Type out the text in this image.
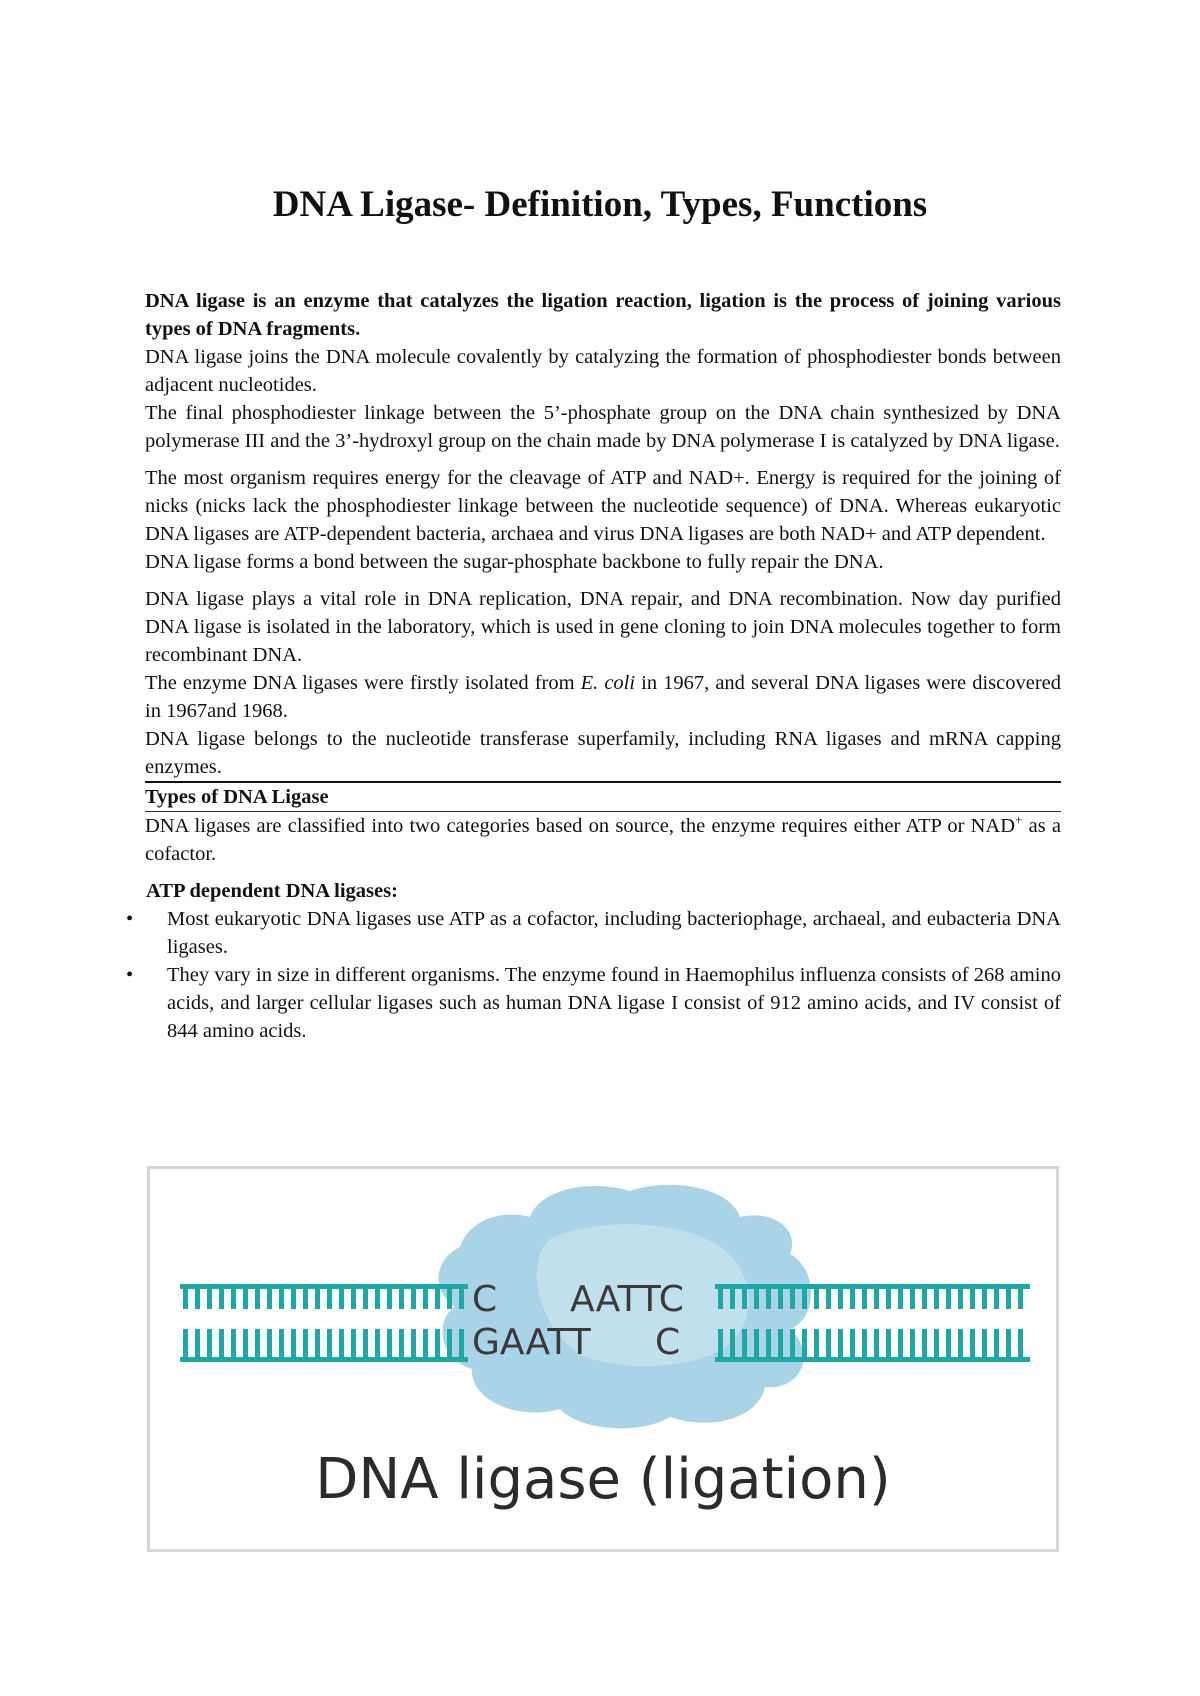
DNA Ligase- Definition, Types, Functions

DNA ligase is an enzyme that catalyzes the ligation reaction, ligation is the process of joining various types of DNA fragments.

DNA ligase joins the DNA molecule covalently by catalyzing the formation of phosphodiester bonds between adjacent nucleotides.

The final phosphodiester linkage between the 5’-phosphate group on the DNA chain synthesized by DNA polymerase III and the 3’-hydroxyl group on the chain made by DNA polymerase I is catalyzed by DNA ligase.

The most organism requires energy for the cleavage of ATP and NAD+. Energy is required for the joining of nicks (nicks lack the phosphodiester linkage between the nucleotide sequence) of DNA. Whereas eukaryotic DNA ligases are ATP-dependent bacteria, archaea and virus DNA ligases are both NAD+ and ATP dependent.

DNA ligase forms a bond between the sugar-phosphate backbone to fully repair the DNA.

DNA ligase plays a vital role in DNA replication, DNA repair, and DNA recombination. Now day purified DNA ligase is isolated in the laboratory, which is used in gene cloning to join DNA molecules together to form recombinant DNA.

The enzyme DNA ligases were firstly isolated from E. coli in 1967, and several DNA ligases were discovered in 1967and 1968.

DNA ligase belongs to the nucleotide transferase superfamily, including RNA ligases and mRNA capping enzymes.

Types of DNA Ligase

DNA ligases are classified into two categories based on source, the enzyme requires either ATP or NAD+ as a cofactor.

ATP dependent DNA ligases:

• Most eukaryotic DNA ligases use ATP as a cofactor, including bacteriophage, archaeal, and eubacteria DNA ligases.
• They vary in size in different organisms. The enzyme found in Haemophilus influenza consists of 268 amino acids, and larger cellular ligases such as human DNA ligase I consist of 912 amino acids, and IV consist of 844 amino acids.
C AATTC
GAATT C
DNA ligase (ligation)
